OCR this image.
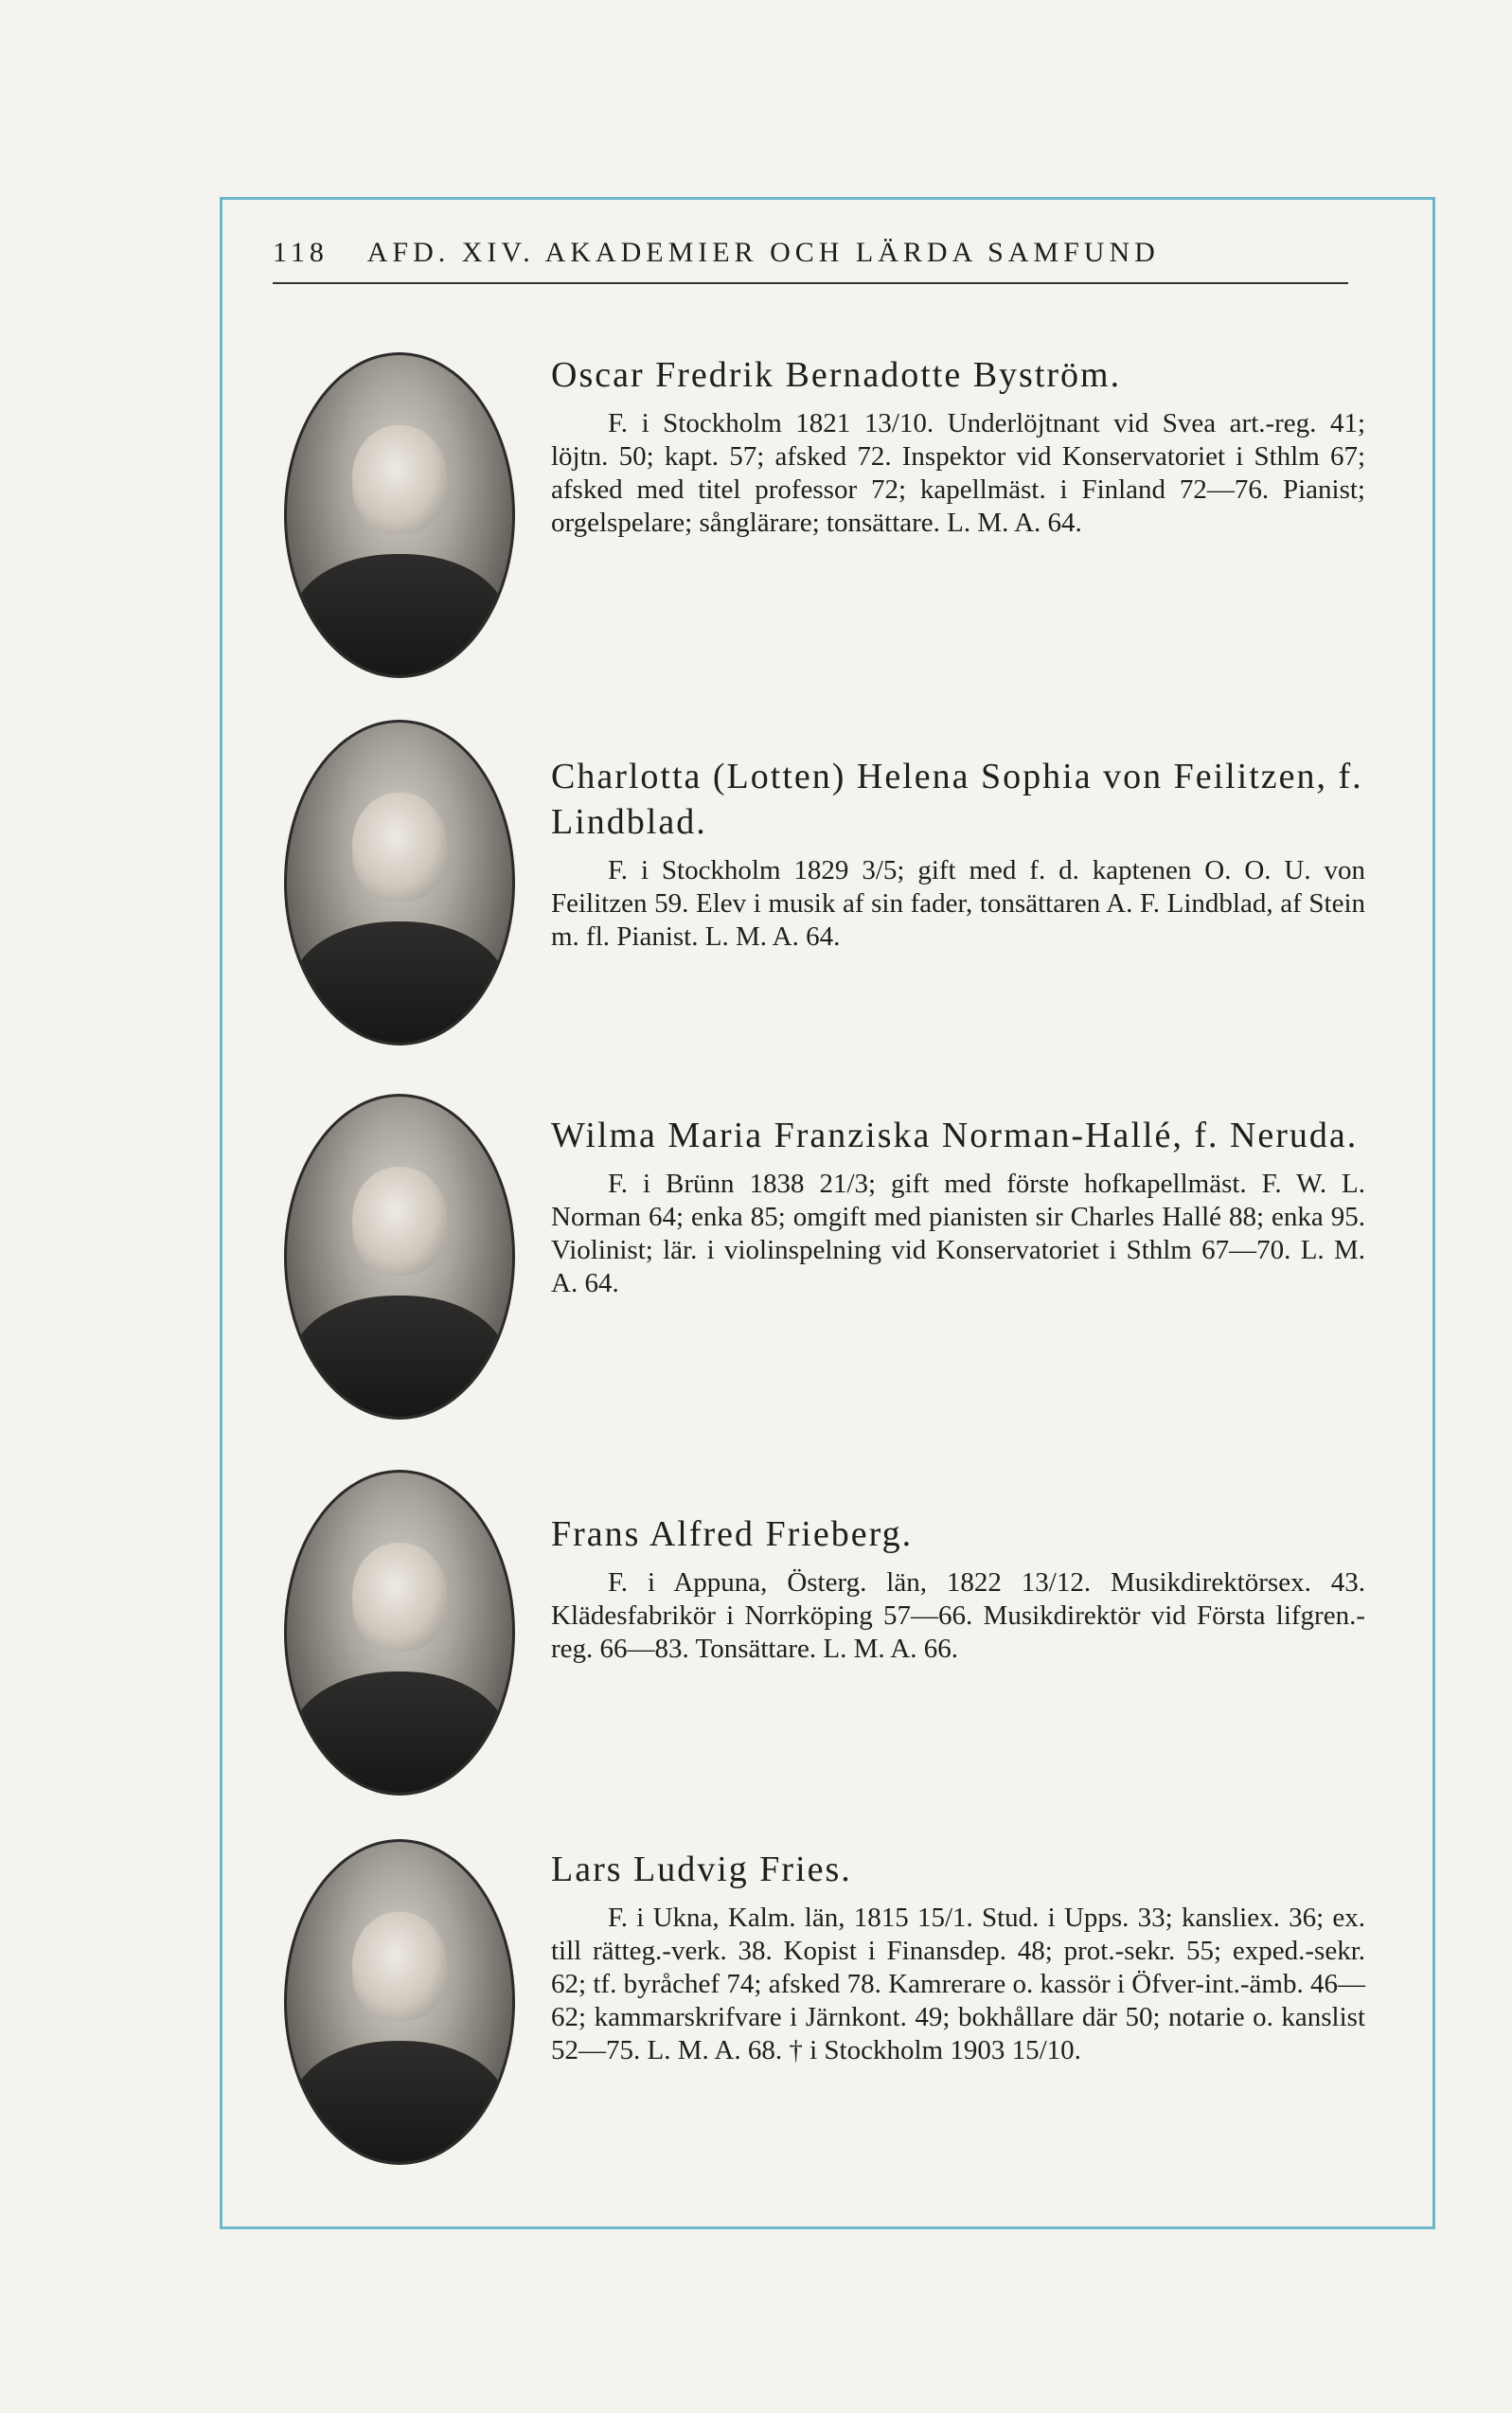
118 AFD. XIV. AKADEMIER OCH LÄRDA SAMFUND

Oscar Fredrik Bernadotte Byström.

F. i Stockholm 1821 13/10. Underlöjtnant vid Svea art.-reg. 41; löjtn. 50; kapt. 57; afsked 72. Inspektor vid Konservatoriet i Sthlm 67; afsked med titel professor 72; kapellmäst. i Finland 72—76. Pianist; orgelspelare; sånglärare; tonsättare. L. M. A. 64.

Charlotta (Lotten) Helena Sophia von Feilitzen, f. Lindblad.

F. i Stockholm 1829 3/5; gift med f. d. kaptenen O. O. U. von Feilitzen 59. Elev i musik af sin fader, tonsättaren A. F. Lindblad, af Stein m. fl. Pianist. L. M. A. 64.

Wilma Maria Franziska Norman-Hallé, f. Neruda.

F. i Brünn 1838 21/3; gift med förste hofkapellmäst. F. W. L. Norman 64; enka 85; omgift med pianisten sir Charles Hallé 88; enka 95. Violinist; lär. i violinspelning vid Konservatoriet i Sthlm 67—70. L. M. A. 64.

Frans Alfred Frieberg.

F. i Appuna, Österg. län, 1822 13/12. Musikdirektörsex. 43. Klädesfabrikör i Norrköping 57—66. Musikdirektör vid Första lifgren.-reg. 66—83. Tonsättare. L. M. A. 66.

Lars Ludvig Fries.

F. i Ukna, Kalm. län, 1815 15/1. Stud. i Upps. 33; kansliex. 36; ex. till rätteg.-verk. 38. Kopist i Finansdep. 48; prot.-sekr. 55; exped.-sekr. 62; tf. byråchef 74; afsked 78. Kamrerare o. kassör i Öfver-int.-ämb. 46—62; kammarskrifvare i Järnkont. 49; bokhållare där 50; notarie o. kanslist 52—75. L. M. A. 68. † i Stockholm 1903 15/10.
